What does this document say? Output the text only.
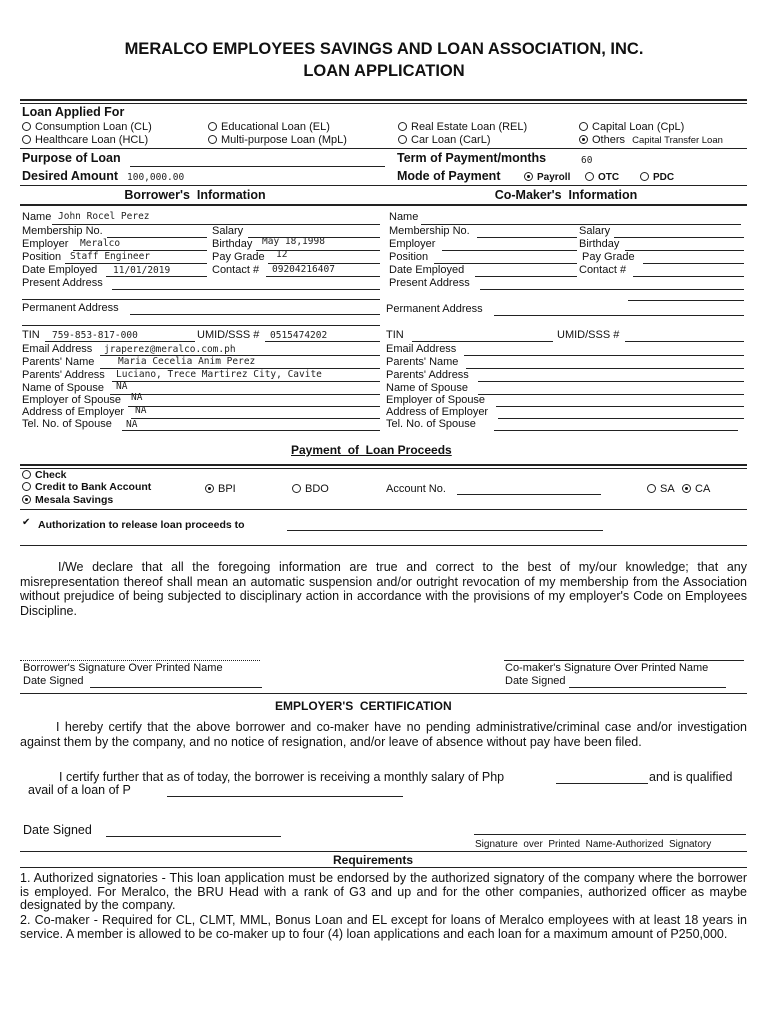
MERALCO EMPLOYEES SAVINGS AND LOAN ASSOCIATION, INC.
LOAN APPLICATION
Loan Applied For
Consumption Loan (CL)
Healthcare Loan (HCL)
Educational Loan (EL)
Multi-purpose Loan (MpL)
Real Estate Loan (REL)
Car Loan (CarL)
Capital Loan (CpL)
Others Capital Transfer Loan
Purpose of Loan	Term of Payment/months	60
Desired Amount 100,000.00	Mode of Payment	Payroll	OTC	PDC
Borrower's  Information	Co-Maker's  Information
Name John Rocel Perez
Membership No.	Salary
Employer Meralco	Birthday May 18,1998
Position Staff Engineer	Pay Grade 12
Date Employed 11/01/2019	Contact # 09204216407
Present Address
Permanent Address
TIN 759-853-817-000	UMID/SSS # 0515474202
Email Address jraperez@meralco.com.ph
Parents' Name Maria Cecelia Anim Perez
Parents' Address Luciano, Trece Martirez City, Cavite
Name of Spouse NA
Employer of Spouse NA
Address of Employer NA
Tel. No. of Spouse NA
Name
Membership No.	Salary
Employer	Birthday
Position	Pay Grade
Date Employed	Contact #
Present Address
Permanent Address
TIN	UMID/SSS #
Email Address
Parents' Name
Parents' Address
Name of Spouse
Employer of Spouse
Address of Employer
Tel. No. of Spouse
Payment  of  Loan Proceeds
Check
Credit to Bank Account
Mesala Savings
BPI	BDO	Account No.	SA	CA
✔ Authorization to release loan proceeds to
I/We declare that all the foregoing information are true and correct to the best of my/our knowledge; that any misrepresentation thereof shall mean an automatic suspension and/or outright revocation of my membership from the Association without prejudice of being subjected to disciplinary action in accordance with the provisions of my employer's Code on Employees Discipline.
Borrower's Signature Over Printed Name
Date Signed
Co-maker's Signature Over Printed Name
Date Signed
EMPLOYER'S  CERTIFICATION
I hereby certify that the above borrower and co-maker have no pending administrative/criminal case and/or investigation against them by the company, and no notice of resignation, and/or leave of absence without pay have been filed.
I certify further that as of today, the borrower is receiving a monthly salary of Php	and is qualified
avail of a loan of P
Date Signed
Signature  over  Printed  Name-Authorized  Signatory
Requirements
1. Authorized signatories - This loan application must be endorsed by the authorized signatory of the company where the borrower is employed. For Meralco, the BRU Head with a rank of G3 and up and for the other companies, authorized officer as maybe designated by the company.
2. Co-maker - Required for CL, CLMT, MML, Bonus Loan and EL except for loans of Meralco employees with at least 18 years in service. A member is allowed to be co-maker up to four (4) loan applications and each loan for a maximum amount of P250,000.
